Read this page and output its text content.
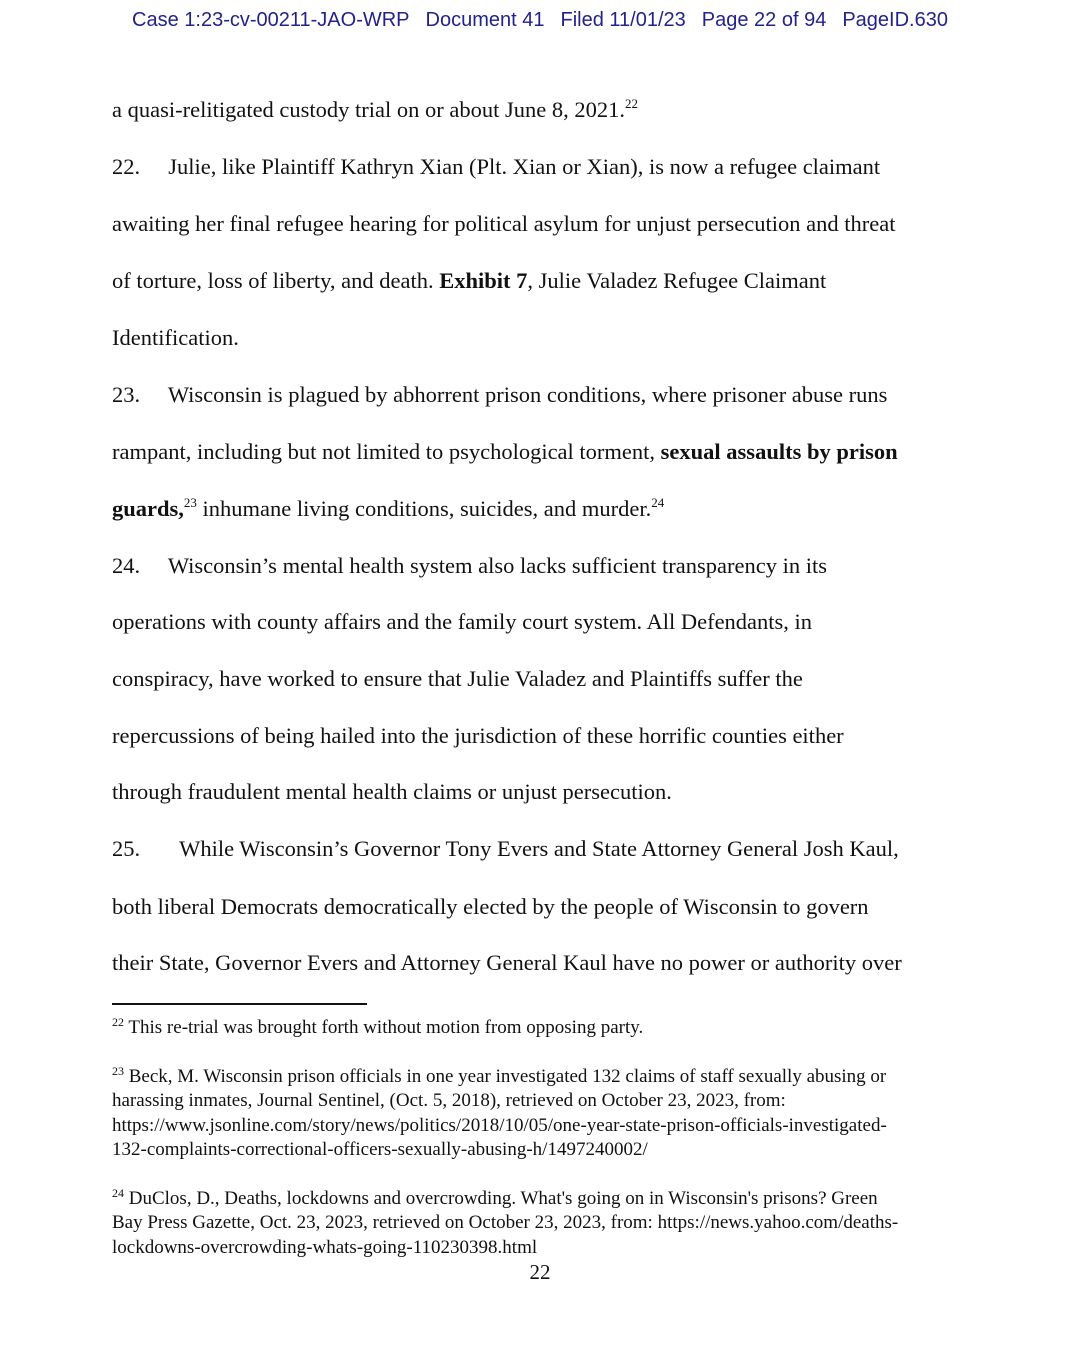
Case 1:23-cv-00211-JAO-WRP Document 41 Filed 11/01/23 Page 22 of 94 PageID.630
a quasi-relitigated custody trial on or about June 8, 2021.22
22.     Julie, like Plaintiff Kathryn Xian (Plt. Xian or Xian), is now a refugee claimant
awaiting her final refugee hearing for political asylum for unjust persecution and threat
of torture, loss of liberty, and death. Exhibit 7, Julie Valadez Refugee Claimant
Identification.
23.     Wisconsin is plagued by abhorrent prison conditions, where prisoner abuse runs
rampant, including but not limited to psychological torment, sexual assaults by prison
guards,$^{23}$ inhumane living conditions, suicides, and murder.$^{24}$
24.     Wisconsin’s mental health system also lacks sufficient transparency in its
operations with county affairs and the family court system. All Defendants, in
conspiracy, have worked to ensure that Julie Valadez and Plaintiffs suffer the
repercussions of being hailed into the jurisdiction of these horrific counties either
through fraudulent mental health claims or unjust persecution.
25.       While Wisconsin’s Governor Tony Evers and State Attorney General Josh Kaul,
both liberal Democrats democratically elected by the people of Wisconsin to govern
their State, Governor Evers and Attorney General Kaul have no power or authority over
$^{22}$ This re-trial was brought forth without motion from opposing party.
$^{23}$ Beck, M. Wisconsin prison officials in one year investigated 132 claims of staff sexually abusing or
harassing inmates, Journal Sentinel, (Oct. 5, 2018), retrieved on October 23, 2023, from:
https://www.jsonline.com/story/news/politics/2018/10/05/one-year-state-prison-officials-investigated-
132-complaints-correctional-officers-sexually-abusing-h/1497240002/
$^{24}$ DuClos, D., Deaths, lockdowns and overcrowding. What's going on in Wisconsin's prisons? Green
Bay Press Gazette, Oct. 23, 2023, retrieved on October 23, 2023, from: https://news.yahoo.com/deaths-
lockdowns-overcrowding-whats-going-110230398.html
22
